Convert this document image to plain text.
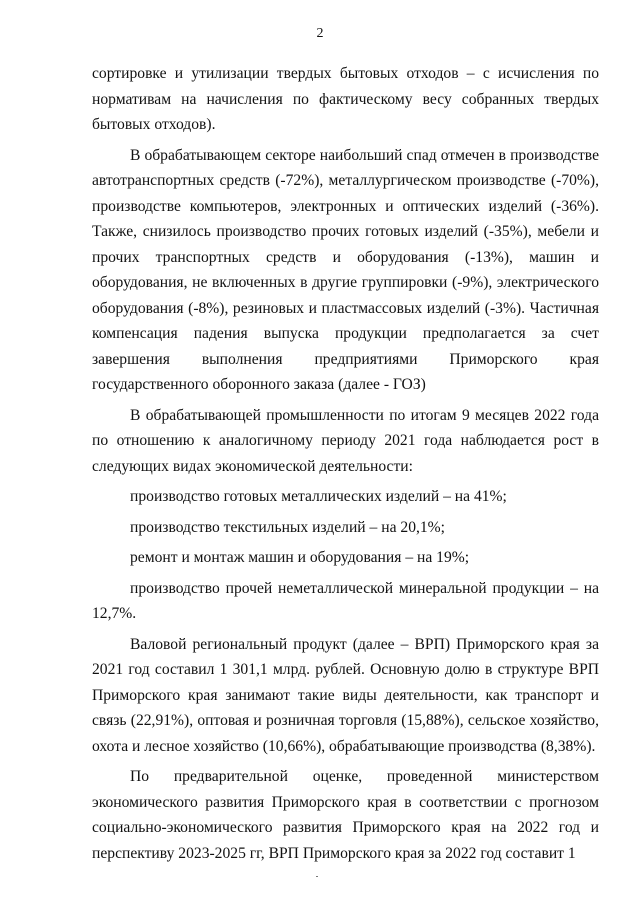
2

сортировке и утилизации твердых бытовых отходов – с исчисления по нормативам на начисления по фактическому весу собранных твердых бытовых отходов).

В обрабатывающем секторе наибольший спад отмечен в производстве автотранспортных средств (-72%), металлургическом производстве (-70%), производстве компьютеров, электронных и оптических изделий (-36%). Также, снизилось производство прочих готовых изделий (-35%), мебели и прочих транспортных средств и оборудования (-13%), машин и оборудования, не включенных в другие группировки (-9%), электрического оборудования (-8%), резиновых и пластмассовых изделий (-3%). Частичная компенсация падения выпуска продукции предполагается за счет завершения выполнения предприятиями Приморского края государственного оборонного заказа (далее - ГОЗ)

В обрабатывающей промышленности по итогам 9 месяцев 2022 года по отношению к аналогичному периоду 2021 года наблюдается рост в следующих видах экономической деятельности:

производство готовых металлических изделий – на 41%;

производство текстильных изделий – на 20,1%;

ремонт и монтаж машин и оборудования – на 19%;

производство прочей неметаллической минеральной продукции – на 12,7%.

Валовой региональный продукт (далее – ВРП) Приморского края за 2021 год составил 1 301,1 млрд. рублей. Основную долю в структуре ВРП Приморского края занимают такие виды деятельности, как транспорт и связь (22,91%), оптовая и розничная торговля (15,88%), сельское хозяйство, охота и лесное хозяйство (10,66%), обрабатывающие производства (8,38%).

По предварительной оценке, проведенной министерством экономического развития Приморского края в соответствии с прогнозом социально-экономического развития Приморского края на 2022 год и перспективу 2023-2025 гг, ВРП Приморского края за 2022 год составит 1
